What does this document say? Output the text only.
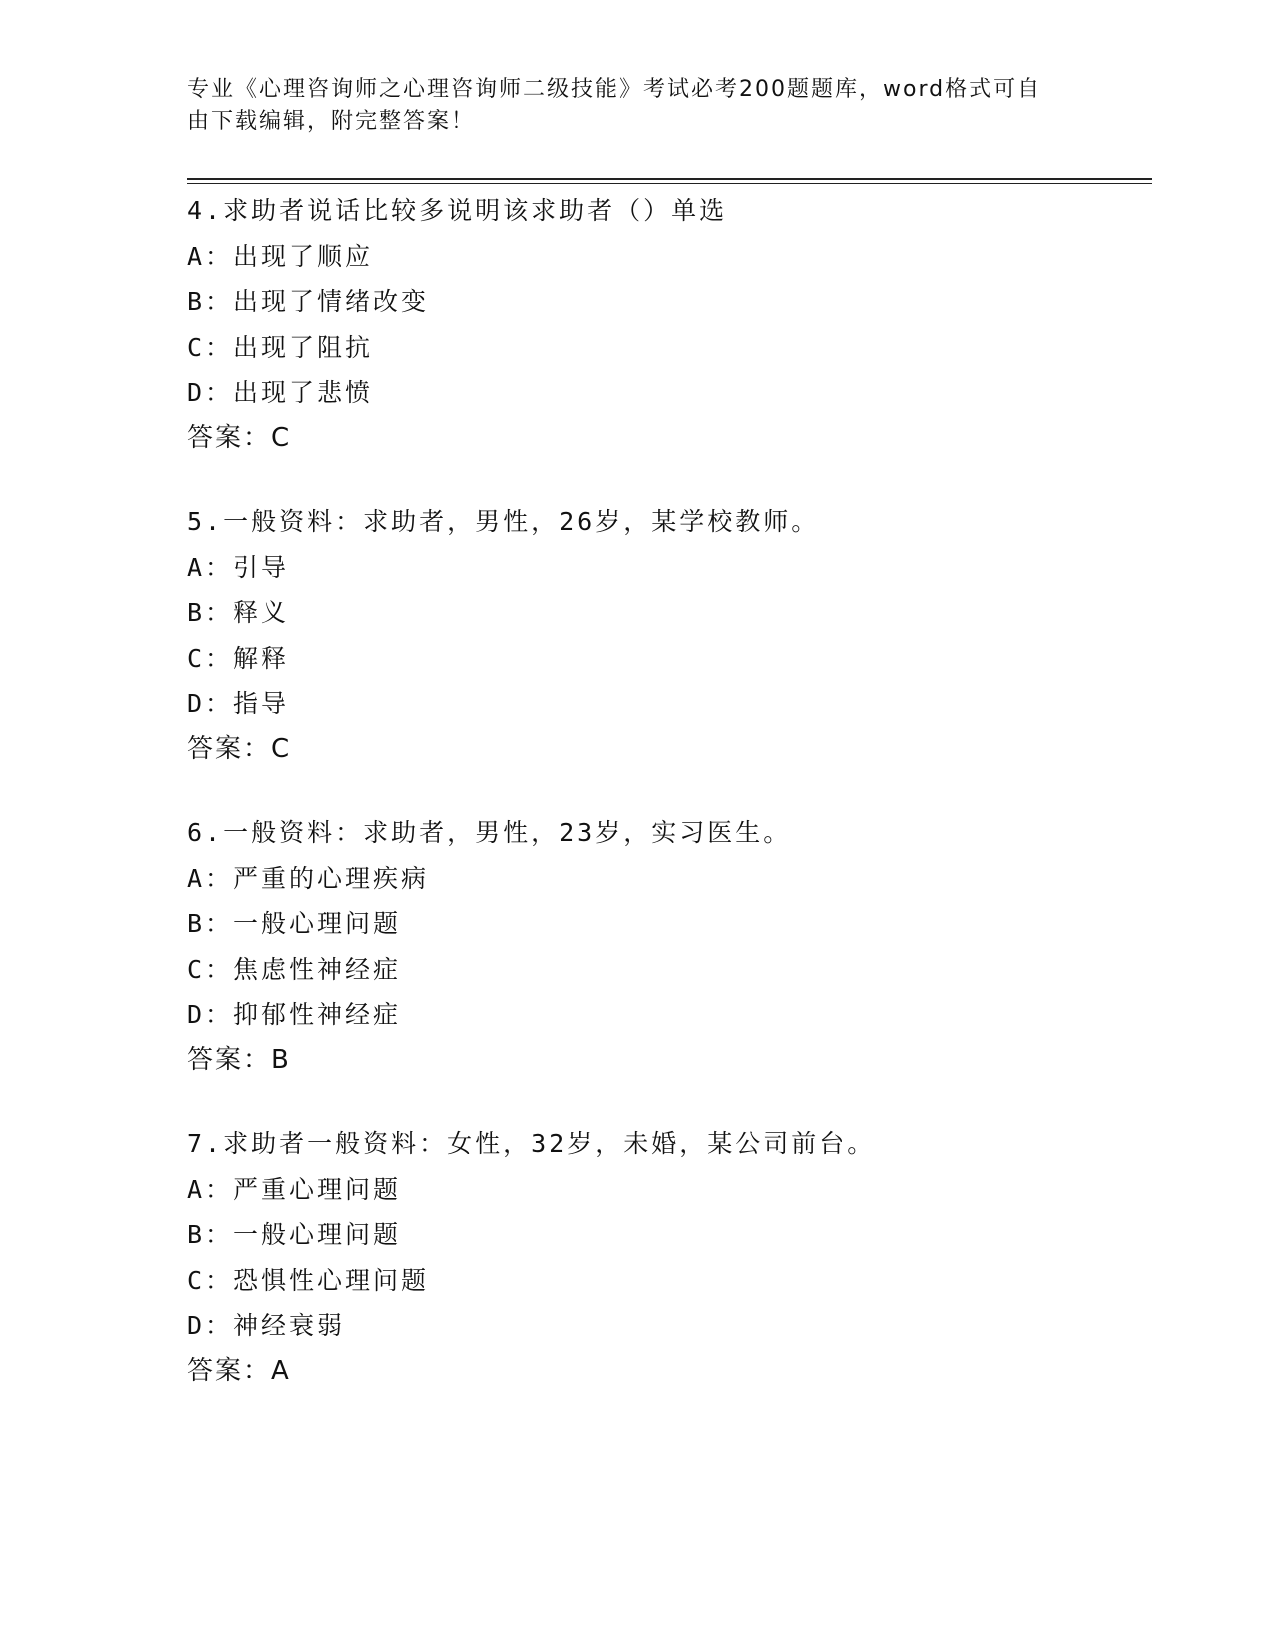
专业《心理咨询师之心理咨询师二级技能》考试必考200题题库，word格式可自
由下载编辑，附完整答案！
4.求助者说话比较多说明该求助者（）单选
A：出现了顺应
B：出现了情绪改变
C：出现了阻抗
D：出现了悲愤
答案：C
5.一般资料：求助者，男性，26岁，某学校教师。
A：引导
B：释义
C：解释
D：指导
答案：C
6.一般资料：求助者，男性，23岁，实习医生。
A：严重的心理疾病
B：一般心理问题
C：焦虑性神经症
D：抑郁性神经症
答案：B
7.求助者一般资料：女性，32岁，未婚，某公司前台。
A：严重心理问题
B：一般心理问题
C：恐惧性心理问题
D：神经衰弱
答案：A
